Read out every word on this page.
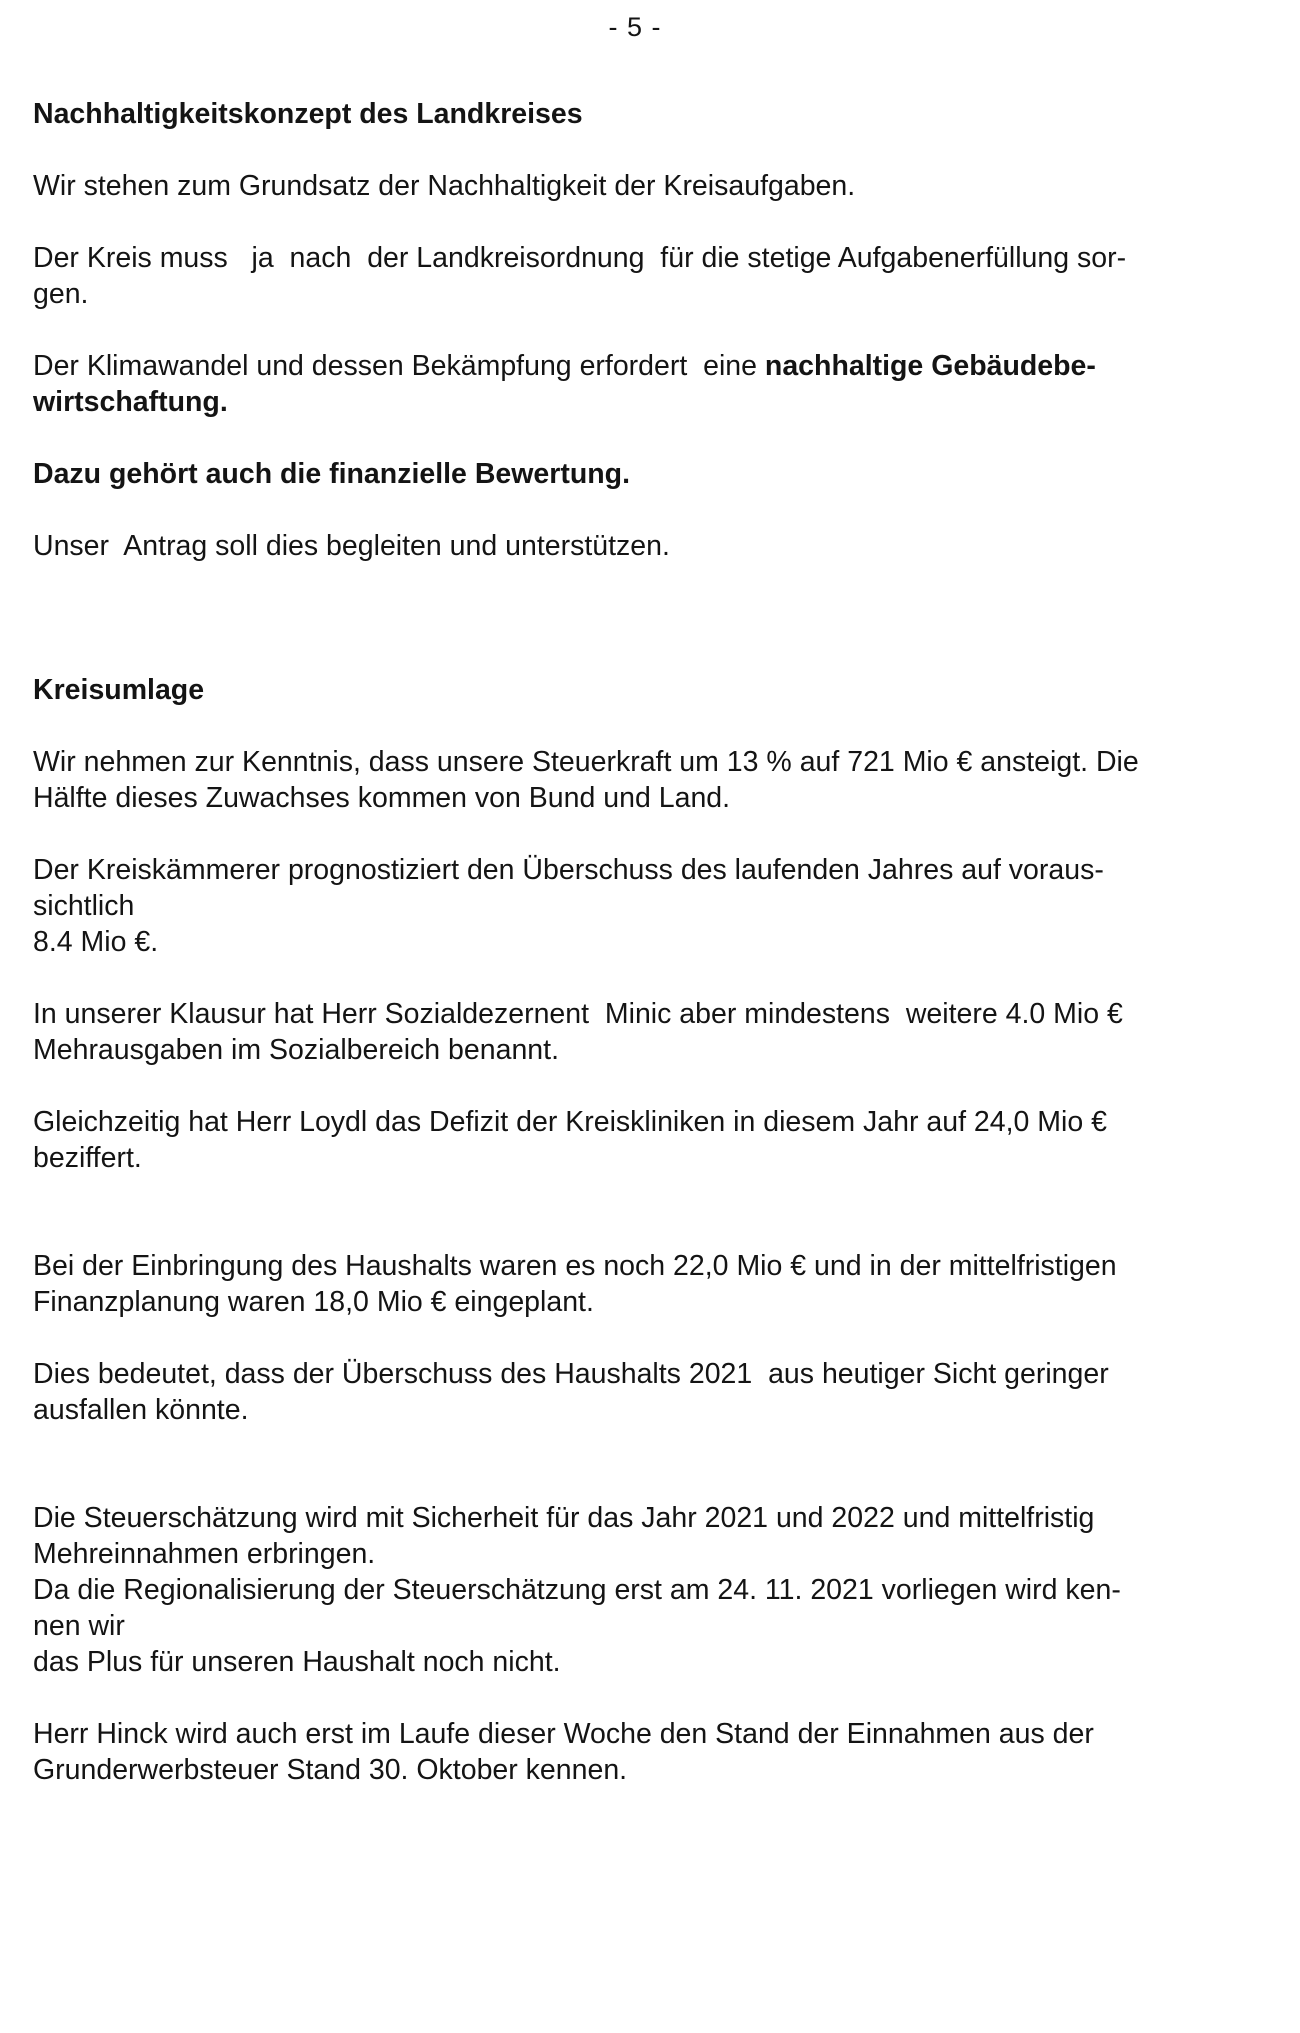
- 5 -

Nachhaltigkeitskonzept des Landkreises

Wir stehen zum Grundsatz der Nachhaltigkeit der Kreisaufgaben.

Der Kreis muss   ja  nach  der Landkreisordnung  für die stetige Aufgabenerfüllung sor-

gen.

Der Klimawandel und dessen Bekämpfung erfordert  eine nachhaltige Gebäudebe-

wirtschaftung.

Dazu gehört auch die finanzielle Bewertung.

Unser  Antrag soll dies begleiten und unterstützen.

Kreisumlage

Wir nehmen zur Kenntnis, dass unsere Steuerkraft um 13 % auf 721 Mio € ansteigt. Die

Hälfte dieses Zuwachses kommen von Bund und Land.

Der Kreiskämmerer prognostiziert den Überschuss des laufenden Jahres auf voraus-

sichtlich

8.4 Mio €.

In unserer Klausur hat Herr Sozialdezernent  Minic aber mindestens  weitere 4.0 Mio €

Mehrausgaben im Sozialbereich benannt.

Gleichzeitig hat Herr Loydl das Defizit der Kreiskliniken in diesem Jahr auf 24,0 Mio €

beziffert.

Bei der Einbringung des Haushalts waren es noch 22,0 Mio € und in der mittelfristigen

Finanzplanung waren 18,0 Mio € eingeplant.

Dies bedeutet, dass der Überschuss des Haushalts 2021  aus heutiger Sicht geringer

ausfallen könnte.

Die Steuerschätzung wird mit Sicherheit für das Jahr 2021 und 2022 und mittelfristig

Mehreinnahmen erbringen.

Da die Regionalisierung der Steuerschätzung erst am 24. 11. 2021 vorliegen wird ken-

nen wir

das Plus für unseren Haushalt noch nicht.

Herr Hinck wird auch erst im Laufe dieser Woche den Stand der Einnahmen aus der

Grunderwerbsteuer Stand 30. Oktober kennen.
